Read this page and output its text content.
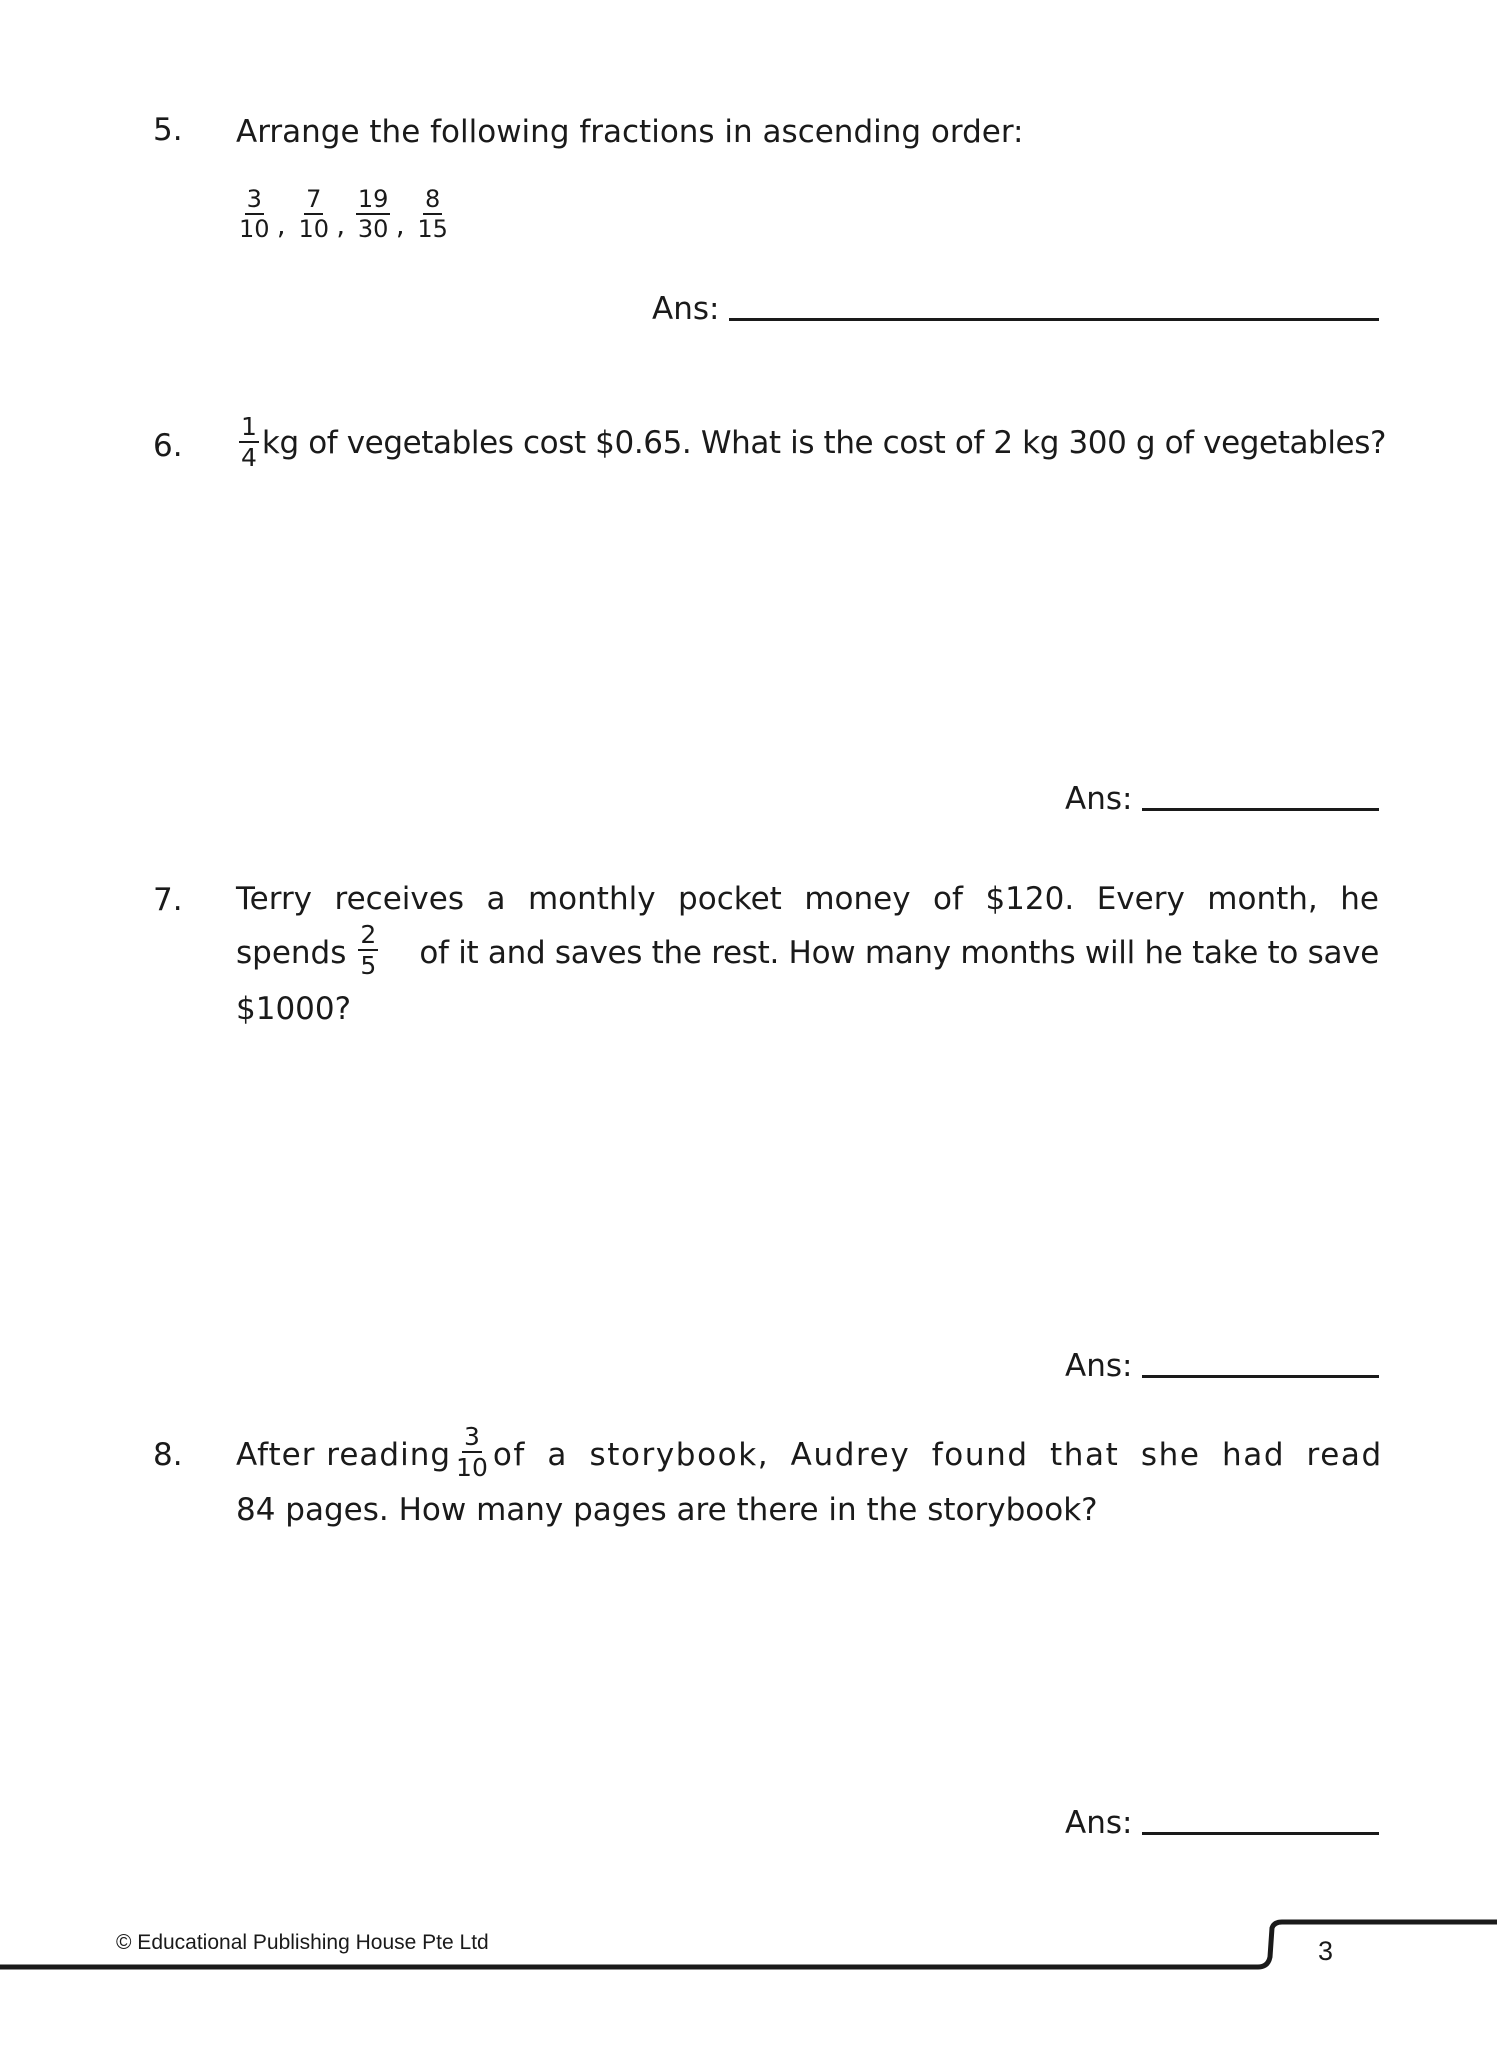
5. Arrange the following fractions in ascending order:
$\frac{3}{10}$
’
$\frac{7}{10}$
’
$\frac{19}{30}$
’
$\frac{8}{15}$
Ans:
6. $\frac{1}{4}$ kg of vegetables cost $0.65. What is the cost of 2 kg 300 g of vegetables?
Ans:
7. Terry receives a monthly pocket money of $120. Every month, he
spends $\frac{2}{5}$ of it and saves the rest. How many months will he take to save
$1000?
Ans:
8. After reading $\frac{3}{10}$ of a storybook, Audrey found that she had read
84 pages. How many pages are there in the storybook?
Ans:
© Educational Publishing House Pte Ltd	3
